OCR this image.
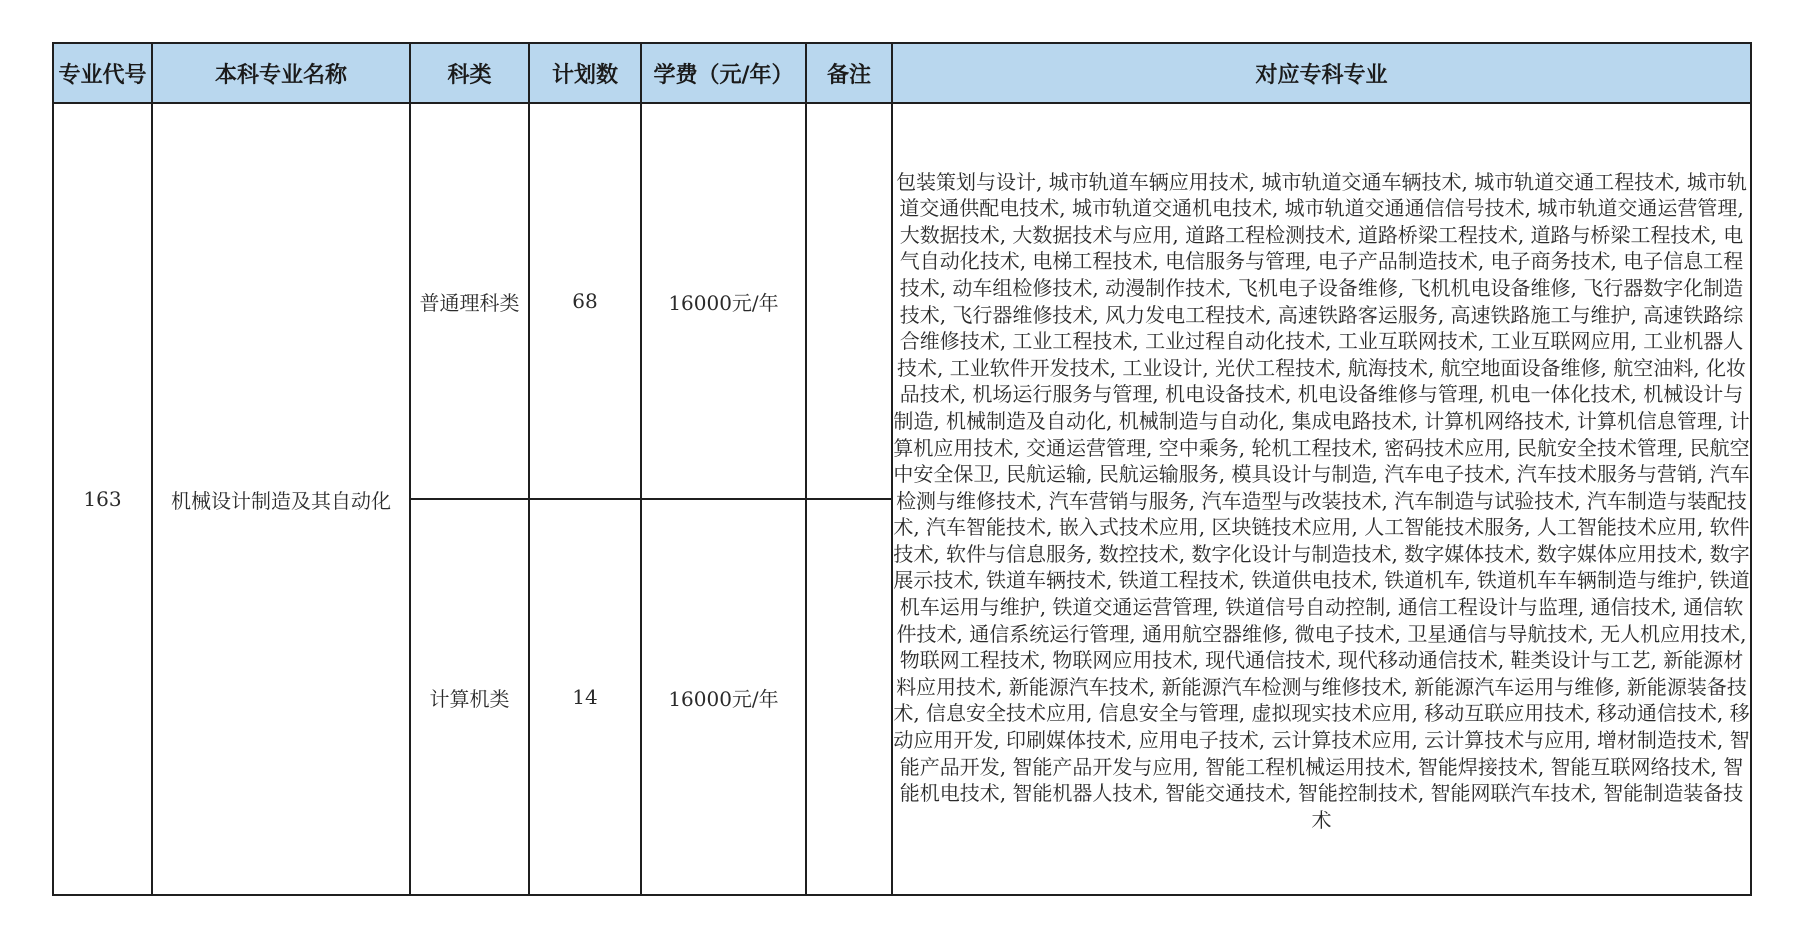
专业代号	本科专业名称	科类	计划数	学费（元/年）	备注	对应专科专业
163	机械设计制造及其自动化	普通理科类	68	16000元/年		包装策划与设计, 城市轨道车辆应用技术, 城市轨道交通车辆技术, 城市轨道交通工程技术, 城市轨道交通供配电技术, 城市轨道交通机电技术, 城市轨道交通通信信号技术, 城市轨道交通运营管理, 大数据技术, 大数据技术与应用, 道路工程检测技术, 道路桥梁工程技术, 道路与桥梁工程技术, 电气自动化技术, 电梯工程技术, 电信服务与管理, 电子产品制造技术, 电子商务技术, 电子信息工程技术, 动车组检修技术, 动漫制作技术, 飞机电子设备维修, 飞机机电设备维修, 飞行器数字化制造技术, 飞行器维修技术, 风力发电工程技术, 高速铁路客运服务, 高速铁路施工与维护, 高速铁路综合维修技术, 工业工程技术, 工业过程自动化技术, 工业互联网技术, 工业互联网应用, 工业机器人技术, 工业软件开发技术, 工业设计, 光伏工程技术, 航海技术, 航空地面设备维修, 航空油料, 化妆品技术, 机场运行服务与管理, 机电设备技术, 机电设备维修与管理, 机电一体化技术, 机械设计与制造, 机械制造及自动化, 机械制造与自动化, 集成电路技术, 计算机网络技术, 计算机信息管理, 计算机应用技术, 交通运营管理, 空中乘务, 轮机工程技术, 密码技术应用, 民航安全技术管理, 民航空中安全保卫, 民航运输, 民航运输服务, 模具设计与制造, 汽车电子技术, 汽车技术服务与营销, 汽车检测与维修技术, 汽车营销与服务, 汽车造型与改装技术, 汽车制造与试验技术, 汽车制造与装配技术, 汽车智能技术, 嵌入式技术应用, 区块链技术应用, 人工智能技术服务, 人工智能技术应用, 软件技术, 软件与信息服务, 数控技术, 数字化设计与制造技术, 数字媒体技术, 数字媒体应用技术, 数字展示技术, 铁道车辆技术, 铁道工程技术, 铁道供电技术, 铁道机车, 铁道机车车辆制造与维护, 铁道机车运用与维护, 铁道交通运营管理, 铁道信号自动控制, 通信工程设计与监理, 通信技术, 通信软件技术, 通信系统运行管理, 通用航空器维修, 微电子技术, 卫星通信与导航技术, 无人机应用技术, 物联网工程技术, 物联网应用技术, 现代通信技术, 现代移动通信技术, 鞋类设计与工艺, 新能源材料应用技术, 新能源汽车技术, 新能源汽车检测与维修技术, 新能源汽车运用与维修, 新能源装备技术, 信息安全技术应用, 信息安全与管理, 虚拟现实技术应用, 移动互联应用技术, 移动通信技术, 移动应用开发, 印刷媒体技术, 应用电子技术, 云计算技术应用, 云计算技术与应用, 增材制造技术, 智能产品开发, 智能产品开发与应用, 智能工程机械运用技术, 智能焊接技术, 智能互联网络技术, 智能机电技术, 智能机器人技术, 智能交通技术, 智能控制技术, 智能网联汽车技术, 智能制造装备技术

		计算机类	14	16000元/年		
